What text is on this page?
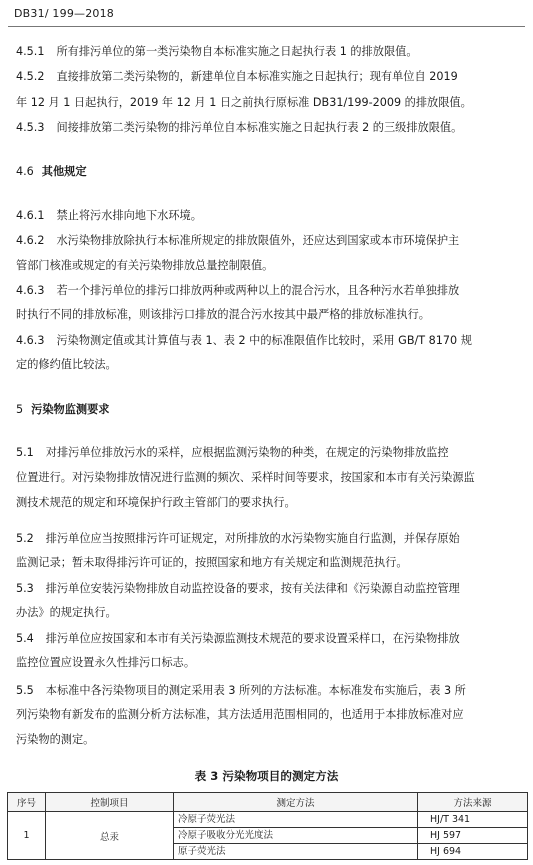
DB31/ 199—2018
4.5.1 所有排污单位的第一类污染物自本标准实施之日起执行表 1 的排放限值。
4.5.2 直接排放第二类污染物的，新建单位自本标准实施之日起执行；现有单位自 2019
年 12 月 1 日起执行，2019 年 12 月 1 日之前执行原标准 DB31/199-2009 的排放限值。
4.5.3 间接排放第二类污染物的排污单位自本标准实施之日起执行表 2 的三级排放限值。
4.6 其他规定
4.6.1 禁止将污水排向地下水环境。
4.6.2 水污染物排放除执行本标准所规定的排放限值外，还应达到国家或本市环境保护主
管部门核准或规定的有关污染物排放总量控制限值。
4.6.3 若一个排污单位的排污口排放两种或两种以上的混合污水，且各种污水若单独排放
时执行不同的排放标准，则该排污口排放的混合污水按其中最严格的排放标准执行。
4.6.3 污染物测定值或其计算值与表 1、表 2 中的标准限值作比较时，采用 GB/T 8170 规
定的修约值比较法。
5 污染物监测要求
5.1 对排污单位排放污水的采样，应根据监测污染物的种类，在规定的污染物排放监控
位置进行。对污染物排放情况进行监测的频次、采样时间等要求，按国家和本市有关污染源监
测技术规范的规定和环境保护行政主管部门的要求执行。
5.2 排污单位应当按照排污许可证规定，对所排放的水污染物实施自行监测，并保存原始
监测记录；暂未取得排污许可证的，按照国家和地方有关规定和监测规范执行。
5.3 排污单位安装污染物排放自动监控设备的要求，按有关法律和《污染源自动监控管理
办法》的规定执行。
5.4 排污单位应按国家和本市有关污染源监测技术规范的要求设置采样口，在污染物排放
监控位置应设置永久性排污口标志。
5.5 本标准中各污染物项目的测定采用表 3 所列的方法标准。本标准发布实施后，表 3 所
列污染物有新发布的监测分析方法标准，其方法适用范围相同的，也适用于本排放标准对应
污染物的测定。
表 3 污染物项目的测定方法
序号	控制项目	测定方法	方法来源
1	总汞	冷原子荧光法	HJ/T 341
		冷原子吸收分光光度法	HJ 597
		原子荧光法	HJ 694
